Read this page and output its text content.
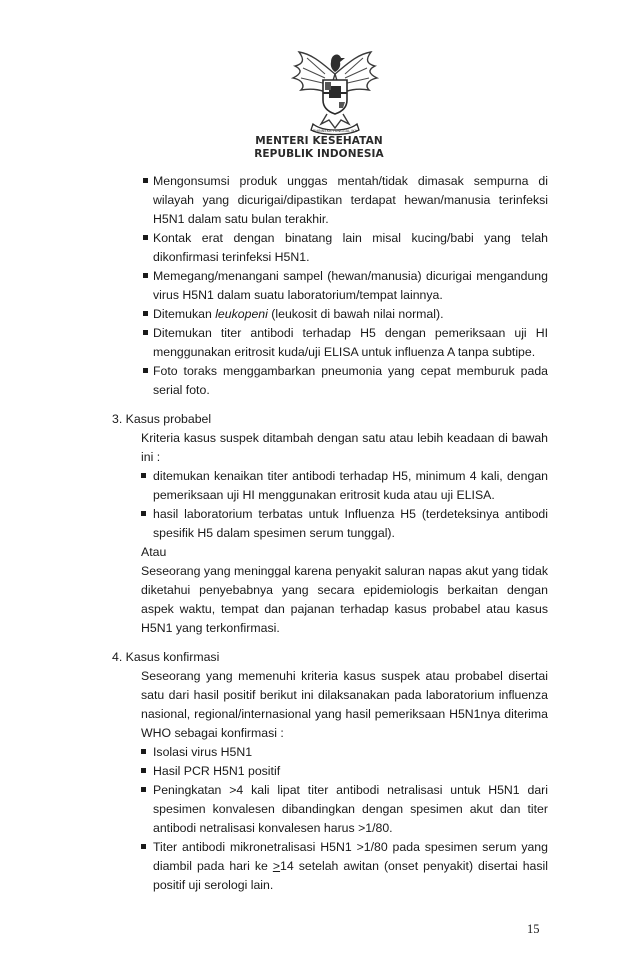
BHINNEKA TUNGGAL IKA
MENTERI KESEHATAN
REPUBLIK INDONESIA
Mengonsumsi produk unggas mentah/tidak dimasak sempurna di wilayah yang dicurigai/dipastikan terdapat hewan/manusia terinfeksi H5N1 dalam satu bulan terakhir.
Kontak erat dengan binatang lain misal kucing/babi yang telah dikonfirmasi terinfeksi H5N1.
Memegang/menangani sampel (hewan/manusia) dicurigai mengandung virus H5N1 dalam suatu laboratorium/tempat lainnya.
Ditemukan leukopeni (leukosit di bawah nilai normal).
Ditemukan titer antibodi terhadap H5 dengan pemeriksaan uji HI menggunakan eritrosit kuda/uji ELISA untuk influenza A tanpa subtipe.
Foto toraks menggambarkan pneumonia yang cepat memburuk pada serial foto.
3. Kasus probabel
Kriteria kasus suspek ditambah dengan satu atau lebih keadaan di bawah ini :
ditemukan kenaikan titer antibodi terhadap H5, minimum 4 kali, dengan pemeriksaan uji HI menggunakan eritrosit kuda atau uji ELISA.
hasil laboratorium terbatas untuk Influenza H5 (terdeteksinya antibodi spesifik H5 dalam spesimen serum tunggal).
Atau
Seseorang yang meninggal karena penyakit saluran napas akut yang tidak diketahui penyebabnya yang secara epidemiologis berkaitan dengan aspek waktu, tempat dan pajanan terhadap kasus probabel atau kasus H5N1 yang terkonfirmasi.
4. Kasus konfirmasi
Seseorang yang memenuhi kriteria kasus suspek atau probabel disertai satu dari hasil positif berikut ini dilaksanakan pada laboratorium influenza nasional, regional/internasional yang hasil pemeriksaan H5N1nya diterima WHO sebagai konfirmasi :
Isolasi virus H5N1
Hasil PCR H5N1 positif
Peningkatan >4 kali lipat titer antibodi netralisasi untuk H5N1 dari spesimen konvalesen dibandingkan dengan spesimen akut dan titer antibodi netralisasi konvalesen harus >1/80.
Titer antibodi mikronetralisasi H5N1 >1/80 pada spesimen serum yang diambil pada hari ke >14 setelah awitan (onset penyakit) disertai hasil positif uji serologi lain.
15
